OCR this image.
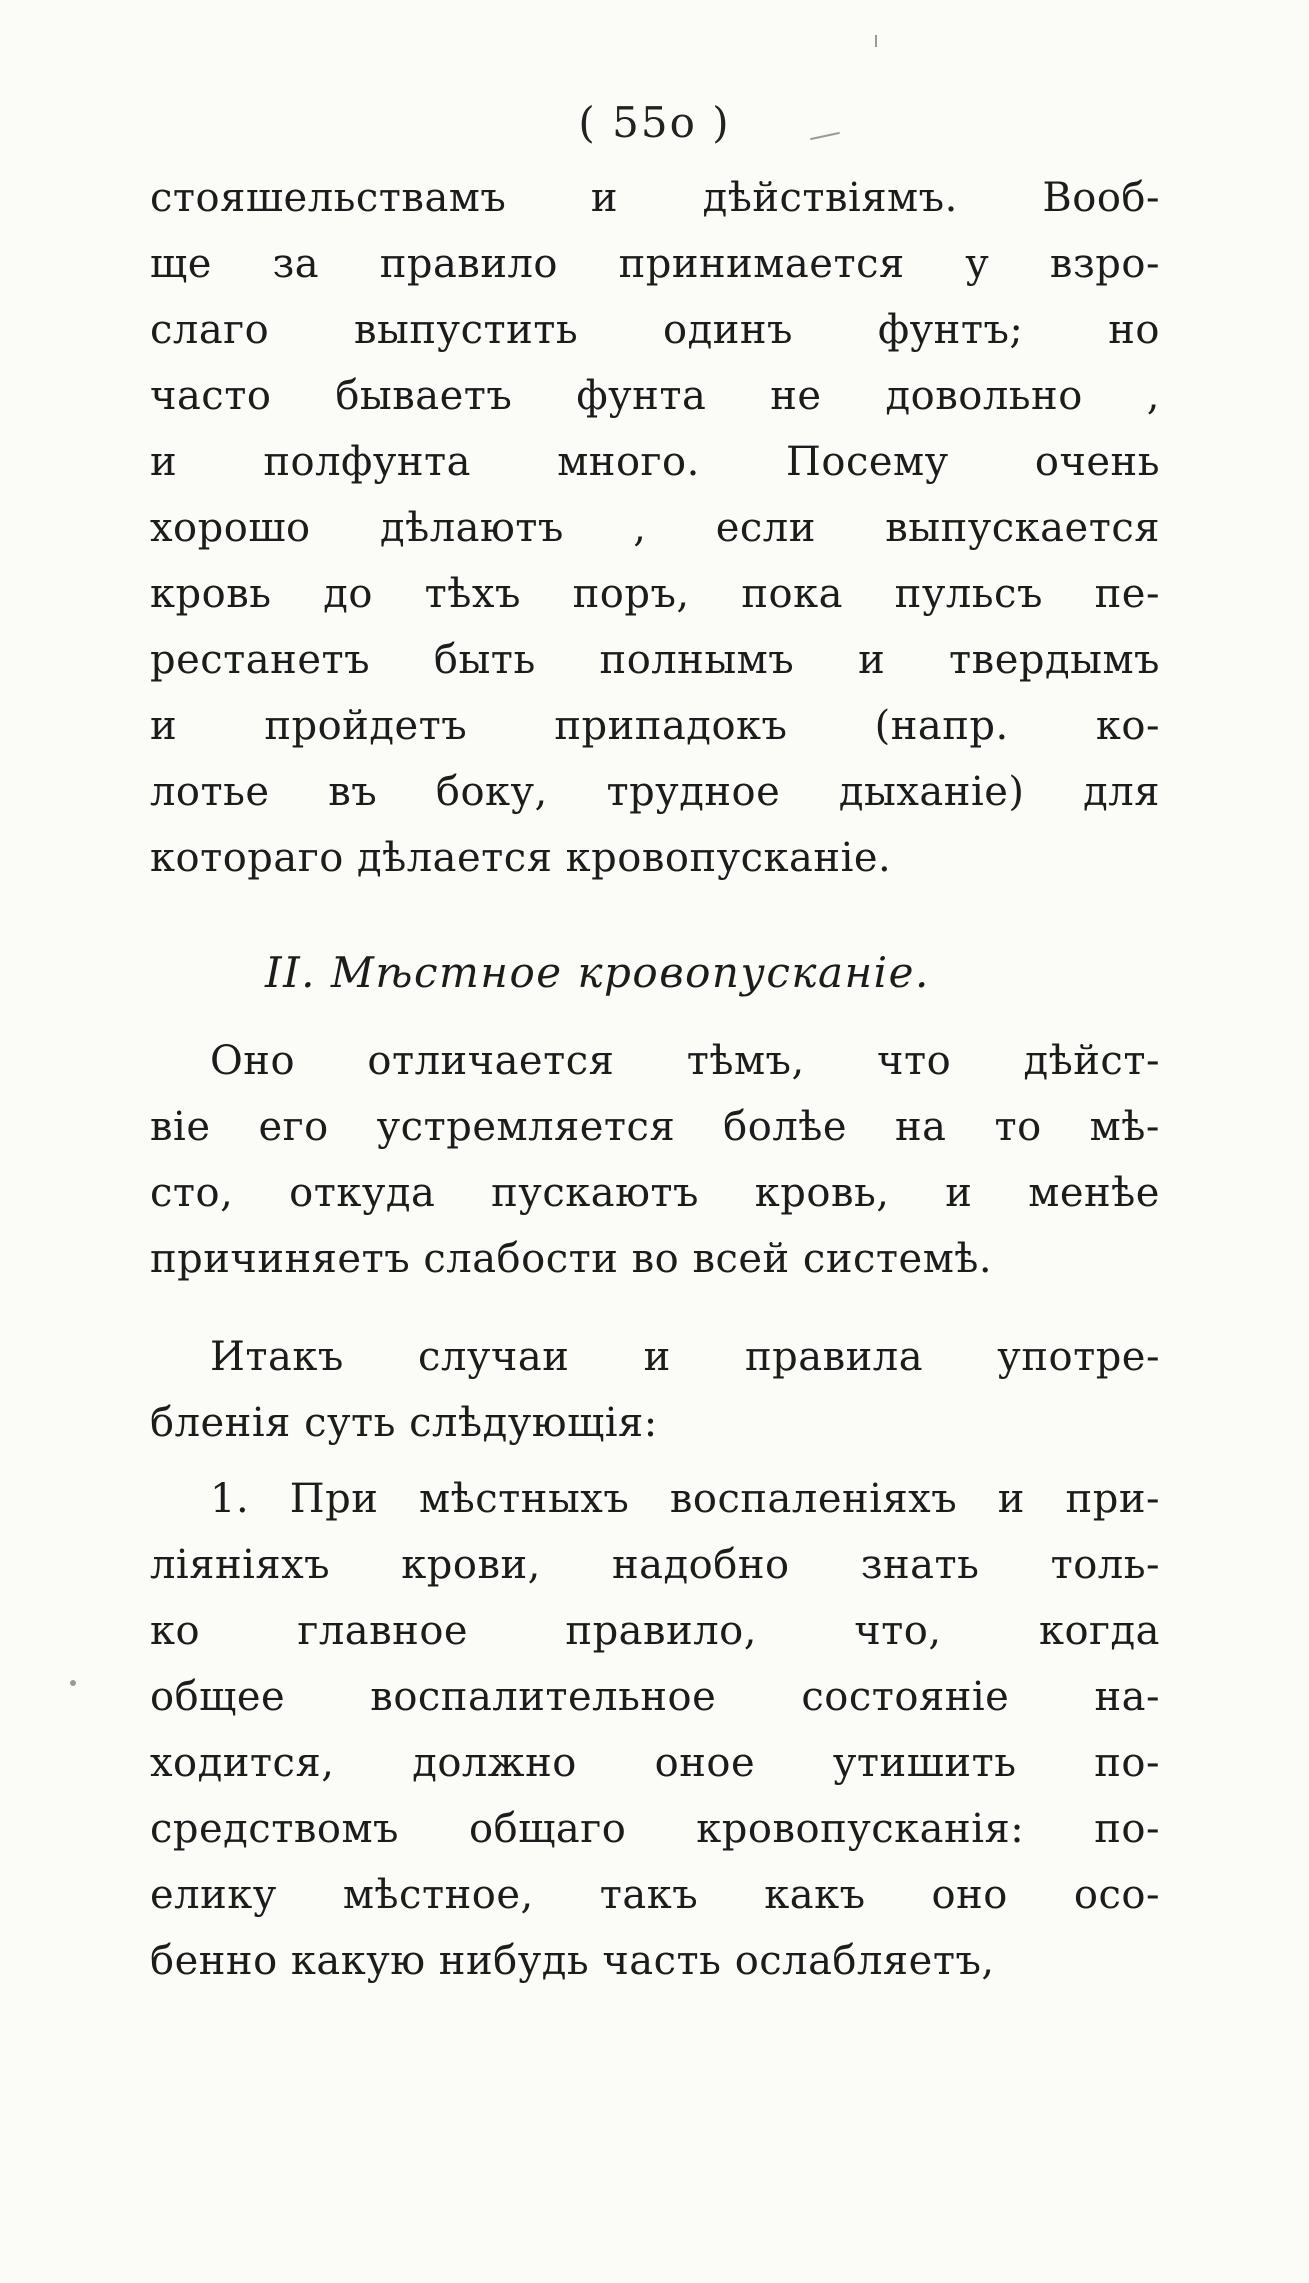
( 55o )
стояшельствамъ и дѣйствіямъ. Вооб-
ще за правило принимается у взро-
слаго выпустить одинъ фунтъ; но
часто бываетъ фунта не довольно ,
и полфунта много. Посему очень
хорошо дѣлаютъ , если выпускается
кровь до тѣхъ поръ, пока пульсъ пе-
рестанетъ быть полнымъ и твердымъ
и пройдетъ припадокъ (напр. ко-
лотье въ боку, трудное дыханіе) для
котораго дѣлается кровопусканіе.
II. Мѣстное кровопусканіе.
Оно отличается тѣмъ, что дѣйст-
віе его устремляется болѣе на то мѣ-
сто, откуда пускаютъ кровь, и менѣе
причиняетъ слабости во всей системѣ.
Итакъ случаи и правила употре-
бленія суть слѣдующія:
1. При мѣстныхъ воспаленіяхъ и при-
ліяніяхъ крови, надобно знать толь-
ко главное правило, что, когда
общее воспалительное состояніе на-
ходится, должно оное утишить по-
средствомъ общаго кровопусканія: по-
елику мѣстное, такъ какъ оно осо-
бенно какую нибудь часть ослабляетъ,
